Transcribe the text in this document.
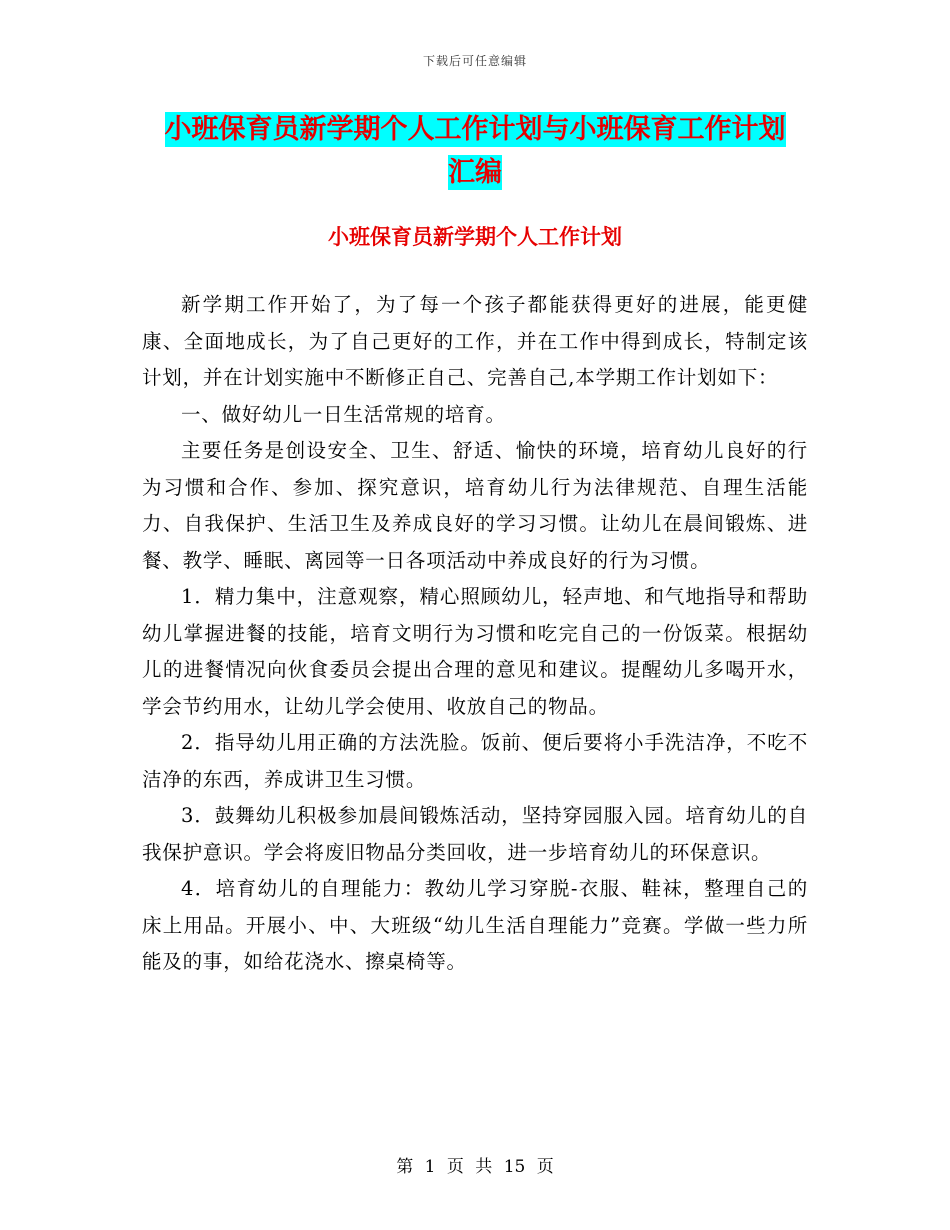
下载后可任意编辑
小班保育员新学期个人工作计划与小班保育工作计划
汇编
小班保育员新学期个人工作计划

新学期工作开始了，为了每一个孩子都能获得更好的进展，能更健康、全面地成长，为了自己更好的工作，并在工作中得到成长，特制定该计划，并在计划实施中不断修正自己、完善自己,本学期工作计划如下：

一、做好幼儿一日生活常规的培育。

主要任务是创设安全、卫生、舒适、愉快的环境，培育幼儿良好的行为习惯和合作、参加、探究意识，培育幼儿行为法律规范、自理生活能力、自我保护、生活卫生及养成良好的学习习惯。让幼儿在晨间锻炼、进餐、教学、睡眠、离园等一日各项活动中养成良好的行为习惯。

1．精力集中，注意观察，精心照顾幼儿，轻声地、和气地指导和帮助幼儿掌握进餐的技能，培育文明行为习惯和吃完自己的一份饭菜。根据幼儿的进餐情况向伙食委员会提出合理的意见和建议。提醒幼儿多喝开水，学会节约用水，让幼儿学会使用、收放自己的物品。

2．指导幼儿用正确的方法洗脸。饭前、便后要将小手洗洁净，不吃不洁净的东西，养成讲卫生习惯。

3．鼓舞幼儿积极参加晨间锻炼活动，坚持穿园服入园。培育幼儿的自我保护意识。学会将废旧物品分类回收，进一步培育幼儿的环保意识。

4．培育幼儿的自理能力：教幼儿学习穿脱-衣服、鞋袜，整理自己的床上用品。开展小、中、大班级“幼儿生活自理能力”竞赛。学做一些力所能及的事，如给花浇水、擦桌椅等。

第 1 页 共 15 页
